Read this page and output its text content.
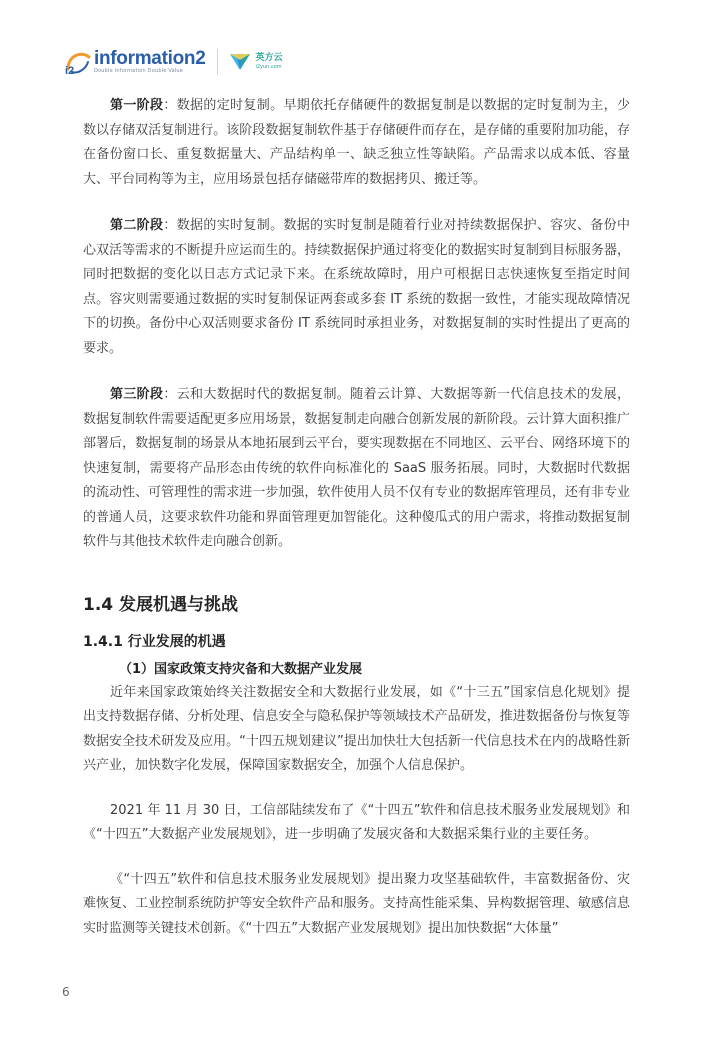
i2
information2
Double Information Double Value
英方云
i2yun.com

第一阶段：数据的定时复制。早期依托存储硬件的数据复制是以数据的定时复制为主，少数以存储双活复制进行。该阶段数据复制软件基于存储硬件而存在，是存储的重要附加功能，存在备份窗口长、重复数据量大、产品结构单一、缺乏独立性等缺陷。产品需求以成本低、容量大、平台同构等为主，应用场景包括存储磁带库的数据拷贝、搬迁等。

第二阶段：数据的实时复制。数据的实时复制是随着行业对持续数据保护、容灾、备份中心双活等需求的不断提升应运而生的。持续数据保护通过将变化的数据实时复制到目标服务器，同时把数据的变化以日志方式记录下来。在系统故障时，用户可根据日志快速恢复至指定时间点。容灾则需要通过数据的实时复制保证两套或多套 IT 系统的数据一致性，才能实现故障情况下的切换。备份中心双活则要求备份 IT 系统同时承担业务，对数据复制的实时性提出了更高的要求。

第三阶段：云和大数据时代的数据复制。随着云计算、大数据等新一代信息技术的发展，数据复制软件需要适配更多应用场景，数据复制走向融合创新发展的新阶段。云计算大面积推广部署后，数据复制的场景从本地拓展到云平台，要实现数据在不同地区、云平台、网络环境下的快速复制，需要将产品形态由传统的软件向标准化的 SaaS 服务拓展。同时，大数据时代数据的流动性、可管理性的需求进一步加强，软件使用人员不仅有专业的数据库管理员，还有非专业的普通人员，这要求软件功能和界面管理更加智能化。这种傻瓜式的用户需求，将推动数据复制软件与其他技术软件走向融合创新。

1.4 发展机遇与挑战
1.4.1 行业发展的机遇
（1）国家政策支持灾备和大数据产业发展

近年来国家政策始终关注数据安全和大数据行业发展，如《“十三五”国家信息化规划》提出支持数据存储、分析处理、信息安全与隐私保护等领域技术产品研发，推进数据备份与恢复等数据安全技术研发及应用。“十四五规划建议”提出加快壮大包括新一代信息技术在内的战略性新兴产业，加快数字化发展，保障国家数据安全，加强个人信息保护。

2021 年 11 月 30 日，工信部陆续发布了《“十四五”软件和信息技术服务业发展规划》和《“十四五”大数据产业发展规划》，进一步明确了发展灾备和大数据采集行业的主要任务。

《“十四五”软件和信息技术服务业发展规划》提出聚力攻坚基础软件，丰富数据备份、灾难恢复、工业控制系统防护等安全软件产品和服务。支持高性能采集、异构数据管理、敏感信息实时监测等关键技术创新。《“十四五”大数据产业发展规划》提出加快数据“大体量”

6
